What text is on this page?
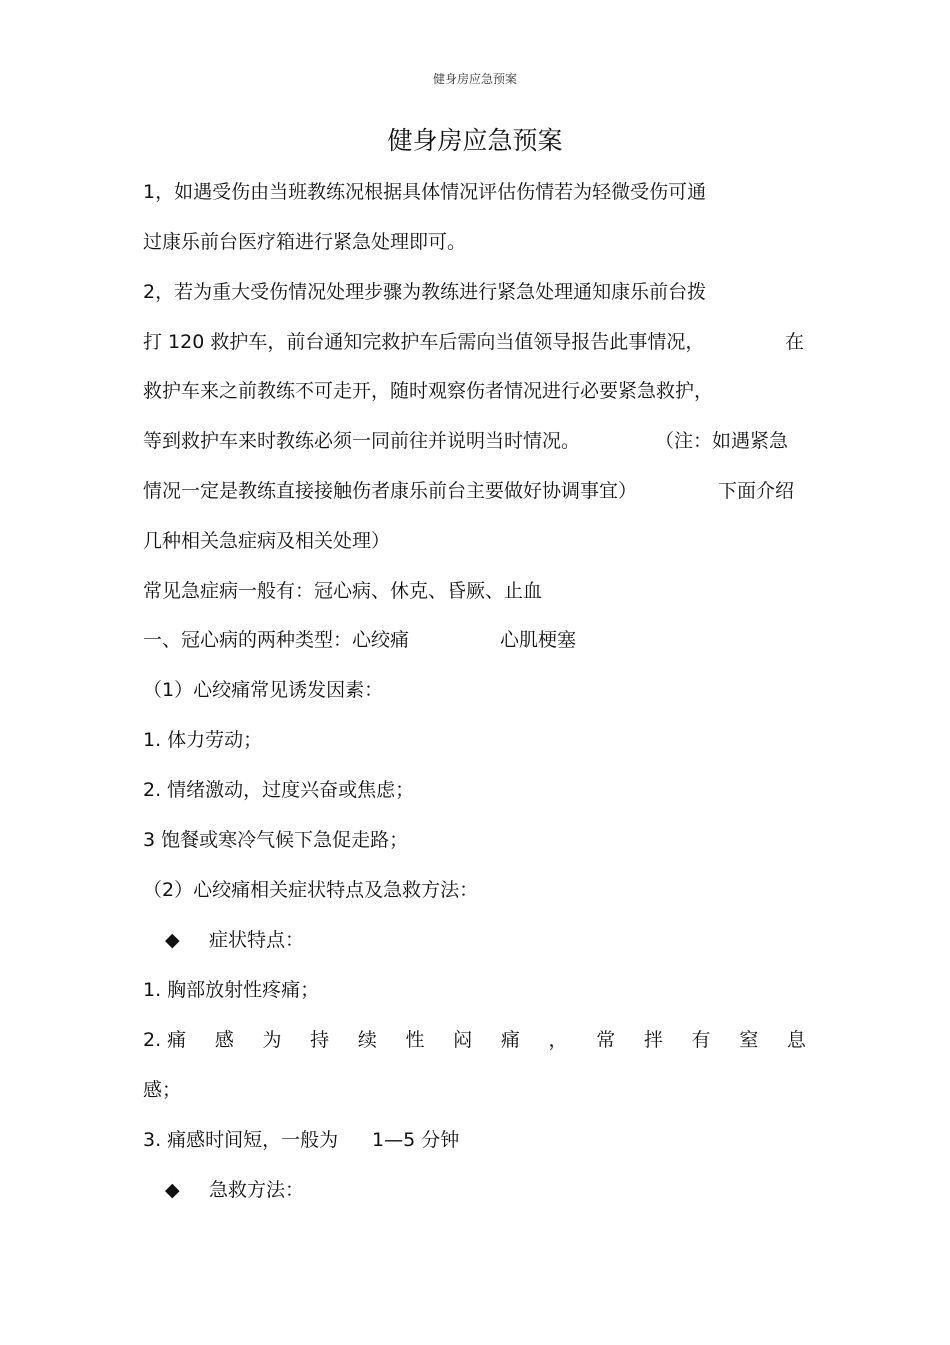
健身房应急预案
健身房应急预案
1，如遇受伤由当班教练况根据具体情况评估伤情若为轻微受伤可通
过康乐前台医疗箱进行紧急处理即可。
2，若为重大受伤情况处理步骤为教练进行紧急处理通知康乐前台拨
打 120 救护车，前台通知完救护车后需向当值领导报告此事情况，	在
救护车来之前教练不可走开，随时观察伤者情况进行必要紧急救护，
等到救护车来时教练必须一同前往并说明当时情况。	（注：如遇紧急
情况一定是教练直接接触伤者康乐前台主要做好协调事宜）	下面介绍
几种相关急症病及相关处理）
常见急症病一般有：冠心病、休克、昏厥、止血
一、冠心病的两种类型：心绞痛	心肌梗塞
（1）心绞痛常见诱发因素：
1. 体力劳动；
2. 情绪激动，过度兴奋或焦虑；
3 饱餐或寒冷气候下急促走路；
（2）心绞痛相关症状特点及急救方法：
◆ 症状特点：
1. 胸部放射性疼痛；
2. 痛 感 为 持 续 性 闷 痛 ， 常 拌 有 窒 息
感；
3. 痛感时间短，一般为 1—5 分钟
◆ 急救方法：
